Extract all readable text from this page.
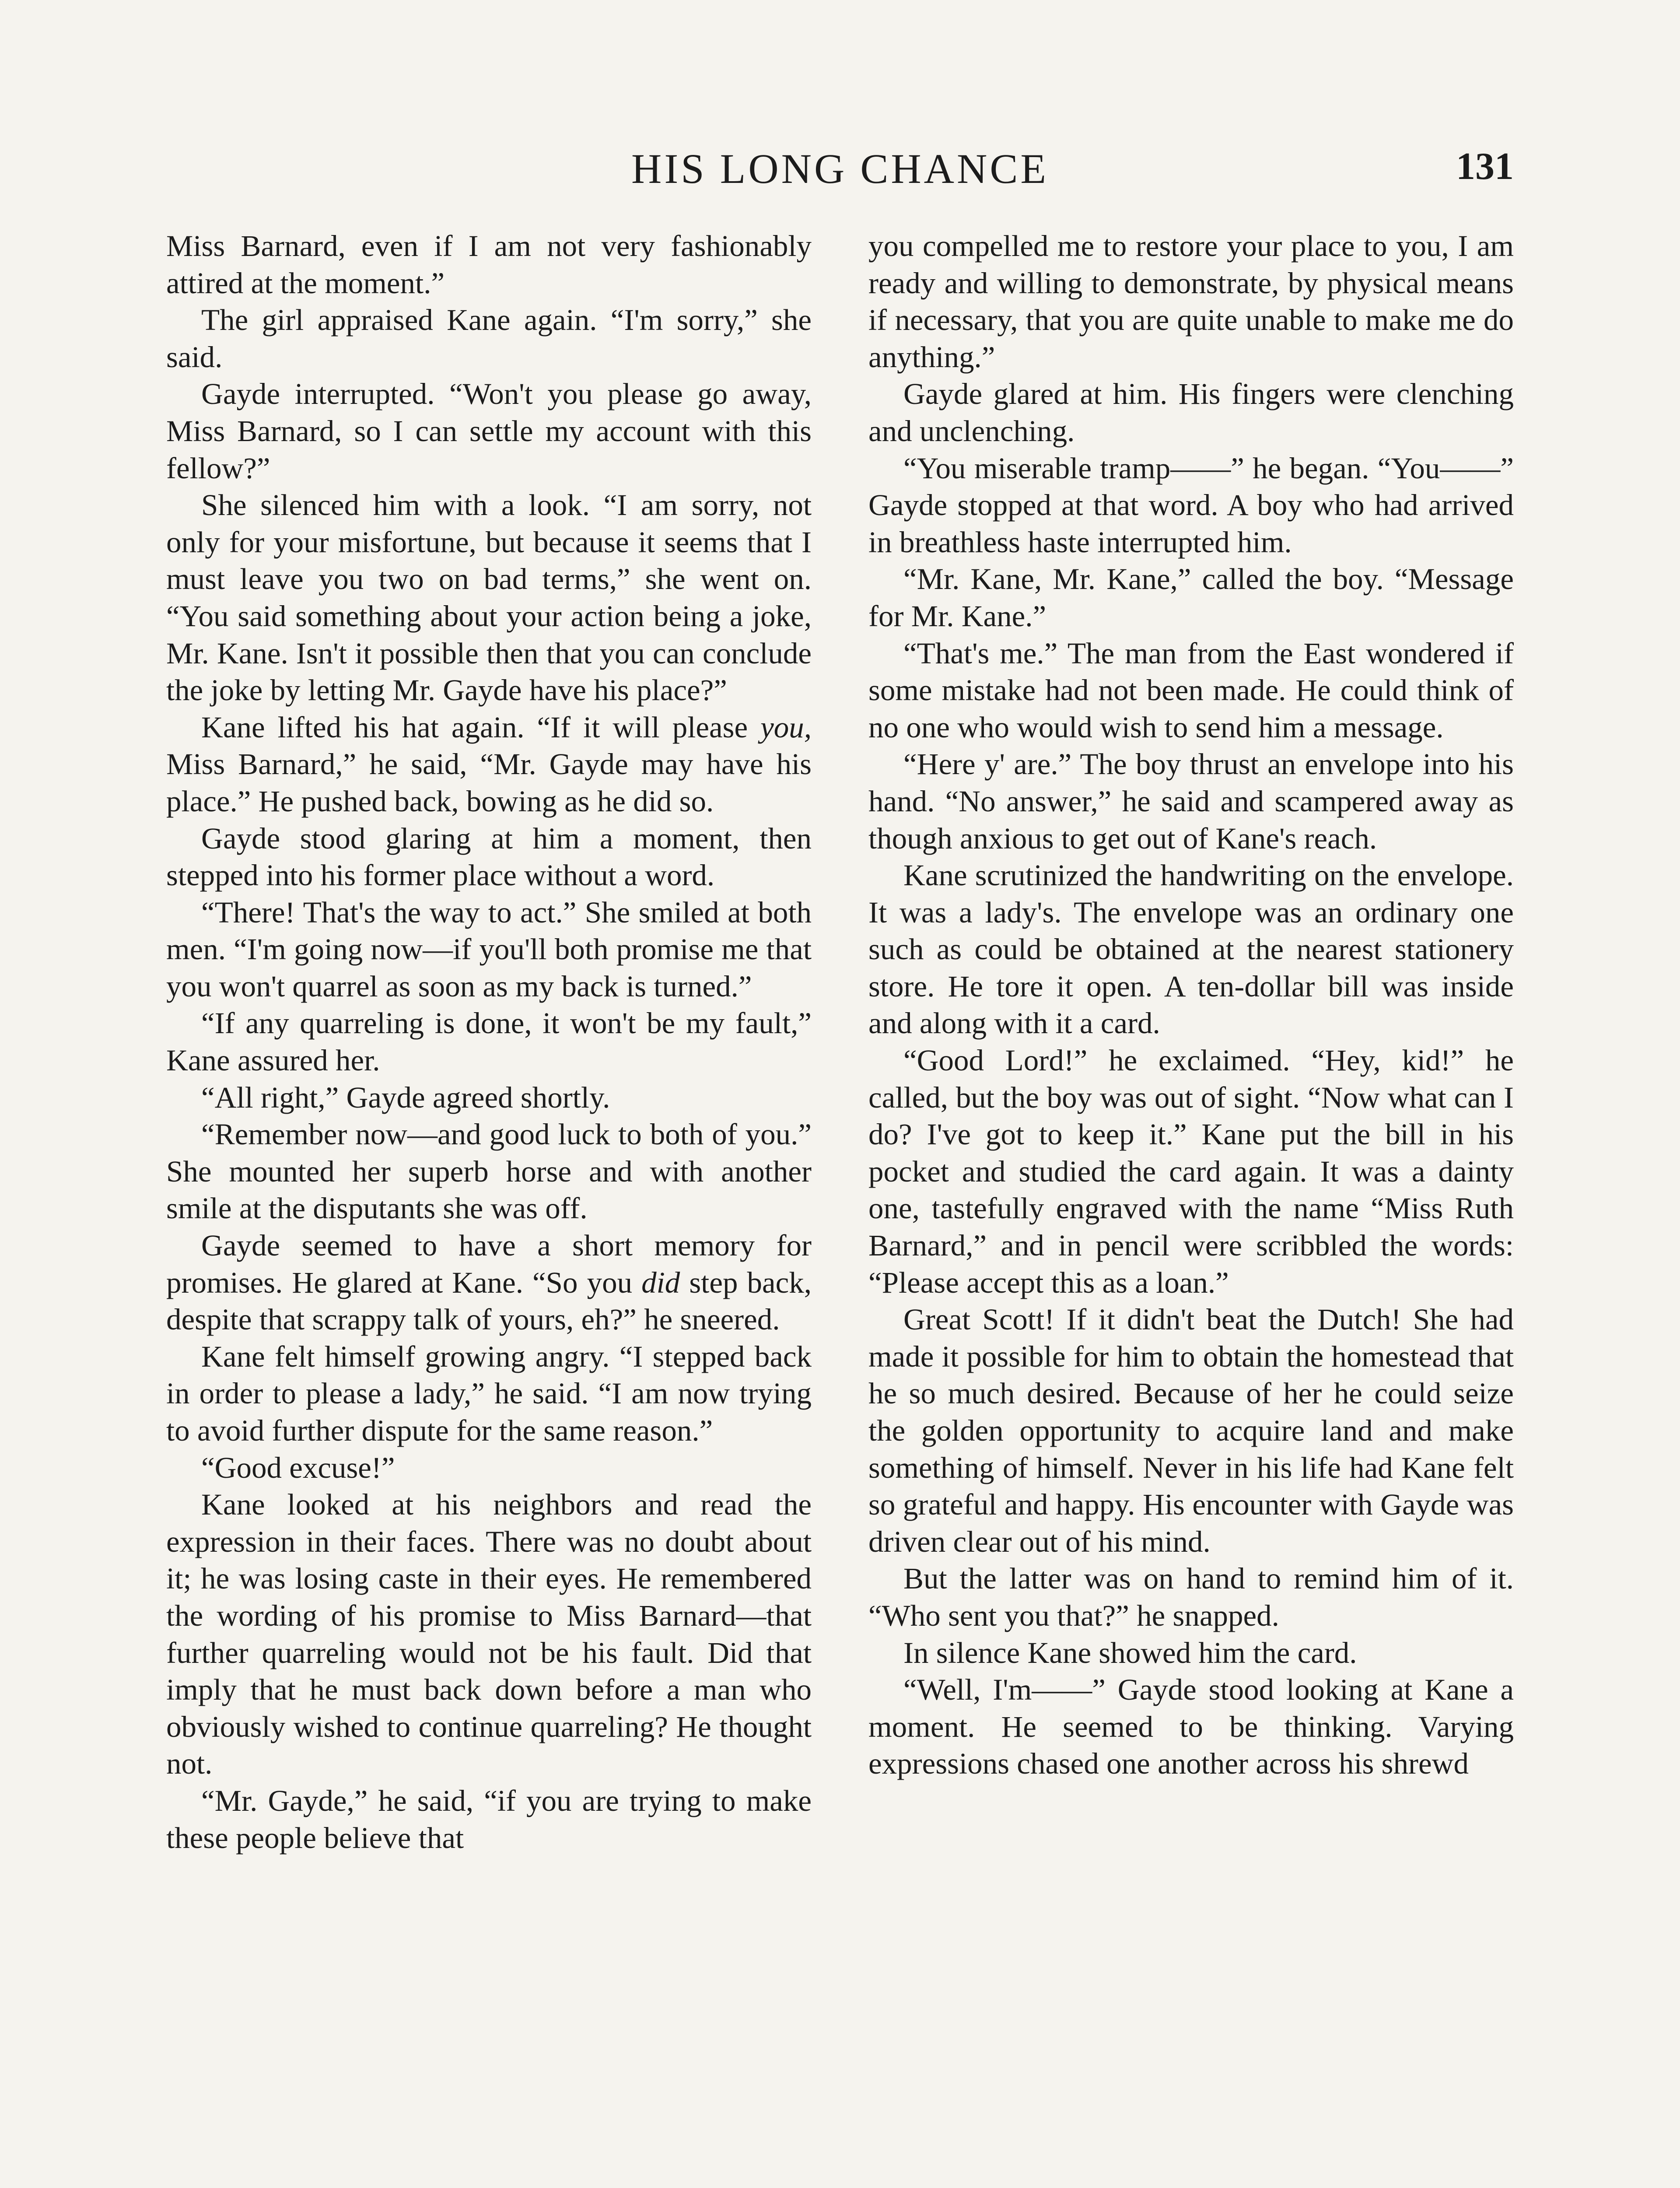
HIS LONG CHANCE	131

Miss Barnard, even if I am not very fashionably attired at the moment.”

The girl appraised Kane again. “I'm sorry,” she said.

Gayde interrupted. “Won't you please go away, Miss Barnard, so I can settle my account with this fellow?”

She silenced him with a look. “I am sorry, not only for your misfortune, but because it seems that I must leave you two on bad terms,” she went on. “You said something about your action being a joke, Mr. Kane. Isn't it possible then that you can conclude the joke by letting Mr. Gayde have his place?”

Kane lifted his hat again. “If it will please you, Miss Barnard,” he said, “Mr. Gayde may have his place.” He pushed back, bowing as he did so.

Gayde stood glaring at him a moment, then stepped into his former place without a word.

“There! That's the way to act.” She smiled at both men. “I'm going now—if you'll both promise me that you won't quarrel as soon as my back is turned.”

“If any quarreling is done, it won't be my fault,” Kane assured her.

“All right,” Gayde agreed shortly.

“Remember now—and good luck to both of you.” She mounted her superb horse and with another smile at the disputants she was off.

Gayde seemed to have a short memory for promises. He glared at Kane. “So you did step back, despite that scrappy talk of yours, eh?” he sneered.

Kane felt himself growing angry. “I stepped back in order to please a lady,” he said. “I am now trying to avoid further dispute for the same reason.”

“Good excuse!”

Kane looked at his neighbors and read the expression in their faces. There was no doubt about it; he was losing caste in their eyes. He remembered the wording of his promise to Miss Barnard—that further quarreling would not be his fault. Did that imply that he must back down before a man who obviously wished to continue quarreling? He thought not.

“Mr. Gayde,” he said, “if you are trying to make these people believe that

you compelled me to restore your place to you, I am ready and willing to demonstrate, by physical means if necessary, that you are quite unable to make me do anything.”

Gayde glared at him. His fingers were clenching and unclenching.

“You miserable tramp——” he began. “You——” Gayde stopped at that word. A boy who had arrived in breathless haste interrupted him.

“Mr. Kane, Mr. Kane,” called the boy. “Message for Mr. Kane.”

“That's me.” The man from the East wondered if some mistake had not been made. He could think of no one who would wish to send him a message.

“Here y' are.” The boy thrust an envelope into his hand. “No answer,” he said and scampered away as though anxious to get out of Kane's reach.

Kane scrutinized the handwriting on the envelope. It was a lady's. The envelope was an ordinary one such as could be obtained at the nearest stationery store. He tore it open. A ten-dollar bill was inside and along with it a card.

“Good Lord!” he exclaimed. “Hey, kid!” he called, but the boy was out of sight. “Now what can I do? I've got to keep it.” Kane put the bill in his pocket and studied the card again. It was a dainty one, tastefully engraved with the name “Miss Ruth Barnard,” and in pencil were scribbled the words: “Please accept this as a loan.”

Great Scott! If it didn't beat the Dutch! She had made it possible for him to obtain the homestead that he so much desired. Because of her he could seize the golden opportunity to acquire land and make something of himself. Never in his life had Kane felt so grateful and happy. His encounter with Gayde was driven clear out of his mind.

But the latter was on hand to remind him of it. “Who sent you that?” he snapped.

In silence Kane showed him the card.

“Well, I'm——” Gayde stood looking at Kane a moment. He seemed to be thinking. Varying expressions chased one another across his shrewd
